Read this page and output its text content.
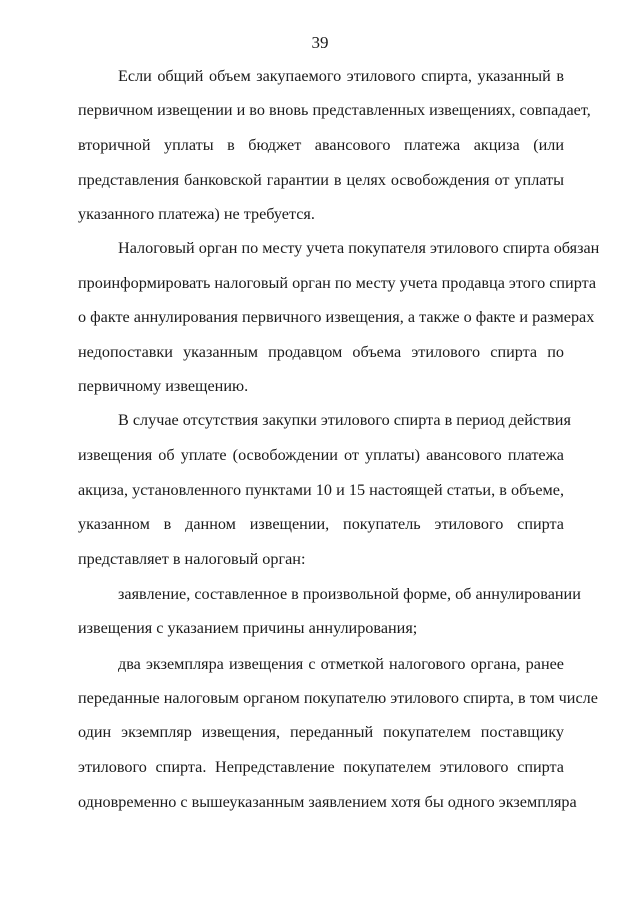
39
Если общий объем закупаемого этилового спирта, указанный в
первичном извещении и во вновь представленных извещениях, совпадает,
вторичной уплаты в бюджет авансового платежа акциза (или
представления банковской гарантии в целях освобождения от уплаты
указанного платежа) не требуется.
Налоговый орган по месту учета покупателя этилового спирта обязан
проинформировать налоговый орган по месту учета продавца этого спирта
о факте аннулирования первичного извещения, а также о факте и размерах
недопоставки указанным продавцом объема этилового спирта по
первичному извещению.
В случае отсутствия закупки этилового спирта в период действия
извещения об уплате (освобождении от уплаты) авансового платежа
акциза, установленного пунктами 10 и 15 настоящей статьи, в объеме,
указанном в данном извещении, покупатель этилового спирта
представляет в налоговый орган:
заявление, составленное в произвольной форме, об аннулировании
извещения с указанием причины аннулирования;
два экземпляра извещения с отметкой налогового органа, ранее
переданные налоговым органом покупателю этилового спирта, в том числе
один экземпляр извещения, переданный покупателем поставщику
этилового спирта. Непредставление покупателем этилового спирта
одновременно с вышеуказанным заявлением хотя бы одного экземпляра
